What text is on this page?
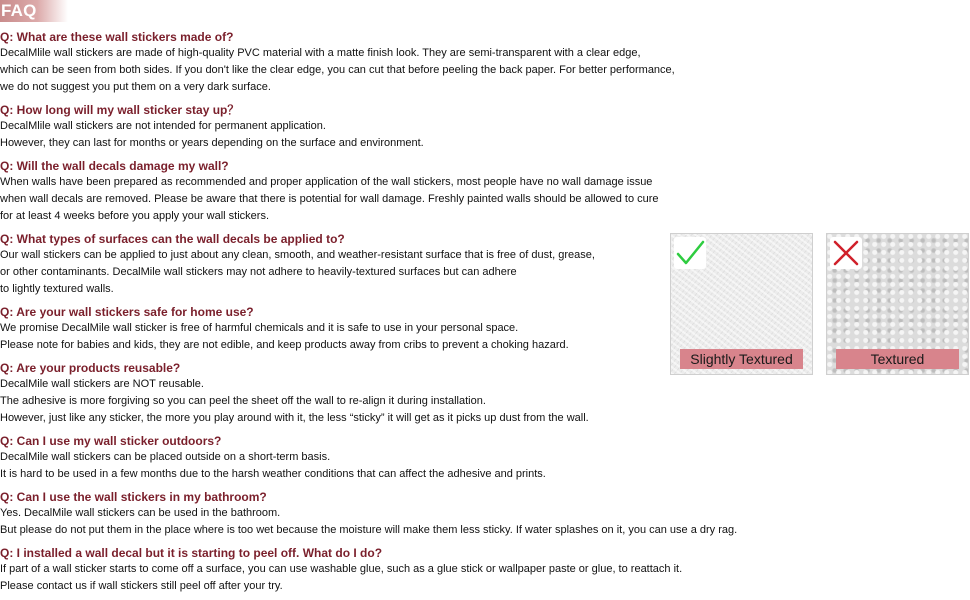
FAQ
Q: What are these wall stickers made of?
DecalMlile wall stickers are made of high-quality PVC material with a matte finish look. They are semi-transparent with a clear edge,
which can be seen from both sides. If you don't like the clear edge, you can cut that before peeling the back paper. For better performance,
we do not suggest you put them on a very dark surface.
Q: How long will my wall sticker stay up？
DecalMlile wall stickers are not intended for permanent application.
However, they can last for months or years depending on the surface and environment.
Q: Will the wall decals damage my wall?
When walls have been prepared as recommended and proper application of the wall stickers, most people have no wall damage issue
when wall decals are removed. Please be aware that there is potential for wall damage. Freshly painted walls should be allowed to cure
for at least 4 weeks before you apply your wall stickers.
Q: What types of surfaces can the wall decals be applied to?
Our wall stickers can be applied to just about any clean, smooth, and weather-resistant surface that is free of dust, grease,
or other contaminants. DecalMile wall stickers may not adhere to heavily-textured surfaces but can adhere
to lightly textured walls.
Q: Are your wall stickers safe for home use?
We promise DecalMile wall sticker is free of harmful chemicals and it is safe to use in your personal space.
Please note for babies and kids, they are not edible, and keep products away from cribs to prevent a choking hazard.
Q: Are your products reusable?
DecalMile wall stickers are NOT reusable.
The adhesive is more forgiving so you can peel the sheet off the wall to re-align it during installation.
However, just like any sticker, the more you play around with it, the less “sticky” it will get as it picks up dust from the wall.
Q: Can I use my wall sticker outdoors?
DecalMile wall stickers can be placed outside on a short-term basis.
It is hard to be used in a few months due to the harsh weather conditions that can affect the adhesive and prints.
Q: Can I use the wall stickers in my bathroom?
Yes. DecalMile wall stickers can be used in the bathroom.
But please do not put them in the place where is too wet because the moisture will make them less sticky. If water splashes on it, you can use a dry rag.
Q: I installed a wall decal but it is starting to peel off. What do I do?
If part of a wall sticker starts to come off a surface, you can use washable glue, such as a glue stick or wallpaper paste or glue, to reattach it.
Please contact us if wall stickers still peel off after your try.
Slightly Textured	Textured
